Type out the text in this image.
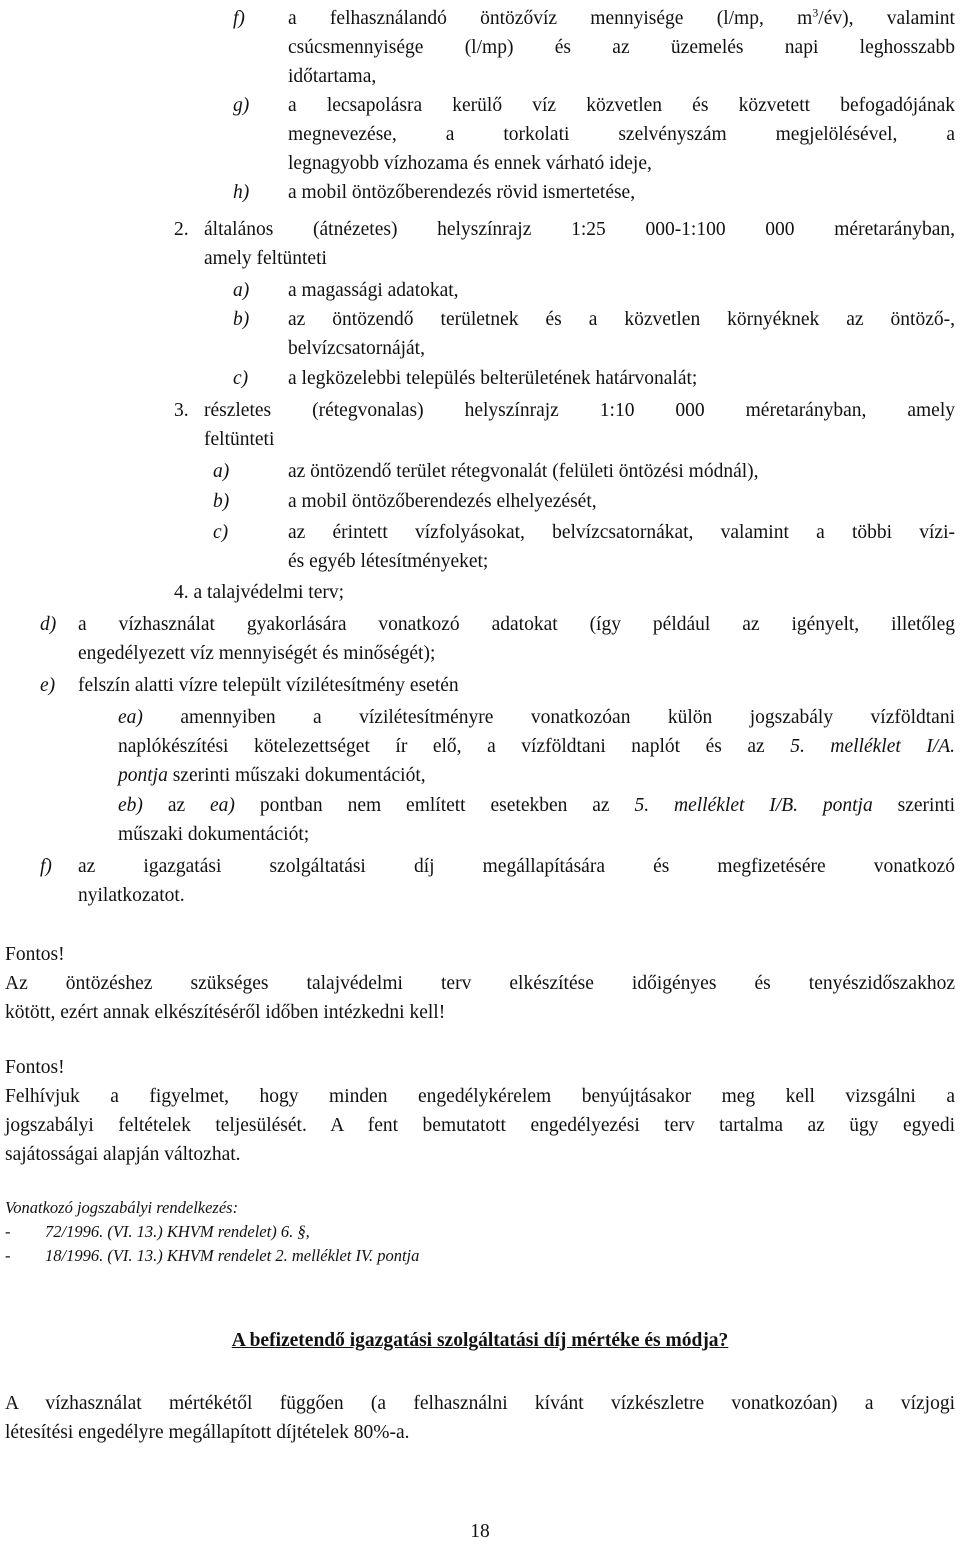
f)	a felhasználandó öntözővíz mennyisége (l/mp, $m^3/év$), valamint
csúcsmennyisége (l/mp) és az üzemelés napi leghosszabb
időtartama,
g)	a lecsapolásra kerülő víz közvetlen és közvetett befogadójának
megnevezése, a torkolati szelvényszám megjelölésével, a
legnagyobb vízhozama és ennek várható ideje,
h)	a mobil öntözőberendezés rövid ismertetése,
2. általános (átnézetes) helyszínrajz 1:25 000-1:100 000 méretarányban,
amely feltünteti
a)	a magassági adatokat,
b)	az öntözendő területnek és a közvetlen környéknek az öntöző-,
belvízcsatornáját,
c)	a legközelebbi település belterületének határvonalát;
3. részletes (rétegvonalas) helyszínrajz 1:10 000 méretarányban, amely
feltünteti
a)	az öntözendő terület rétegvonalát (felületi öntözési módnál),
b)	a mobil öntözőberendezés elhelyezését,
c)	az érintett vízfolyásokat, belvízcsatornákat, valamint a többi vízi-
és egyéb létesítményeket;
4. a talajvédelmi terv;
d)	a vízhasználat gyakorlására vonatkozó adatokat (így például az igényelt, illetőleg
engedélyezett víz mennyiségét és minőségét);
e)	felszín alatti vízre települt vízilétesítmény esetén
ea) amennyiben a vízilétesítményre vonatkozóan külön jogszabály vízföldtani
naplókészítési kötelezettséget ír elő, a vízföldtani naplót és az 5. melléklet I/A.
pontja szerinti műszaki dokumentációt,
eb) az ea) pontban nem említett esetekben az 5. melléklet I/B. pontja szerinti
műszaki dokumentációt;
f)	az igazgatási szolgáltatási díj megállapítására és megfizetésére vonatkozó
nyilatkozatot.
Fontos!
Az öntözéshez szükséges talajvédelmi terv elkészítése időigényes és tenyészidőszakhoz
kötött, ezért annak elkészítéséről időben intézkedni kell!
Fontos!
Felhívjuk a figyelmet, hogy minden engedélykérelem benyújtásakor meg kell vizsgálni a
jogszabályi feltételek teljesülését. A fent bemutatott engedélyezési terv tartalma az ügy egyedi
sajátosságai alapján változhat.
Vonatkozó jogszabályi rendelkezés:
-	72/1996. (VI. 13.) KHVM rendelet) 6. §,
-	18/1996. (VI. 13.) KHVM rendelet 2. melléklet IV. pontja
A befizetendő igazgatási szolgáltatási díj mértéke és módja?
A vízhasználat mértékétől függően (a felhasználni kívánt vízkészletre vonatkozóan) a vízjogi
létesítési engedélyre megállapított díjtételek 80%-a.
18
